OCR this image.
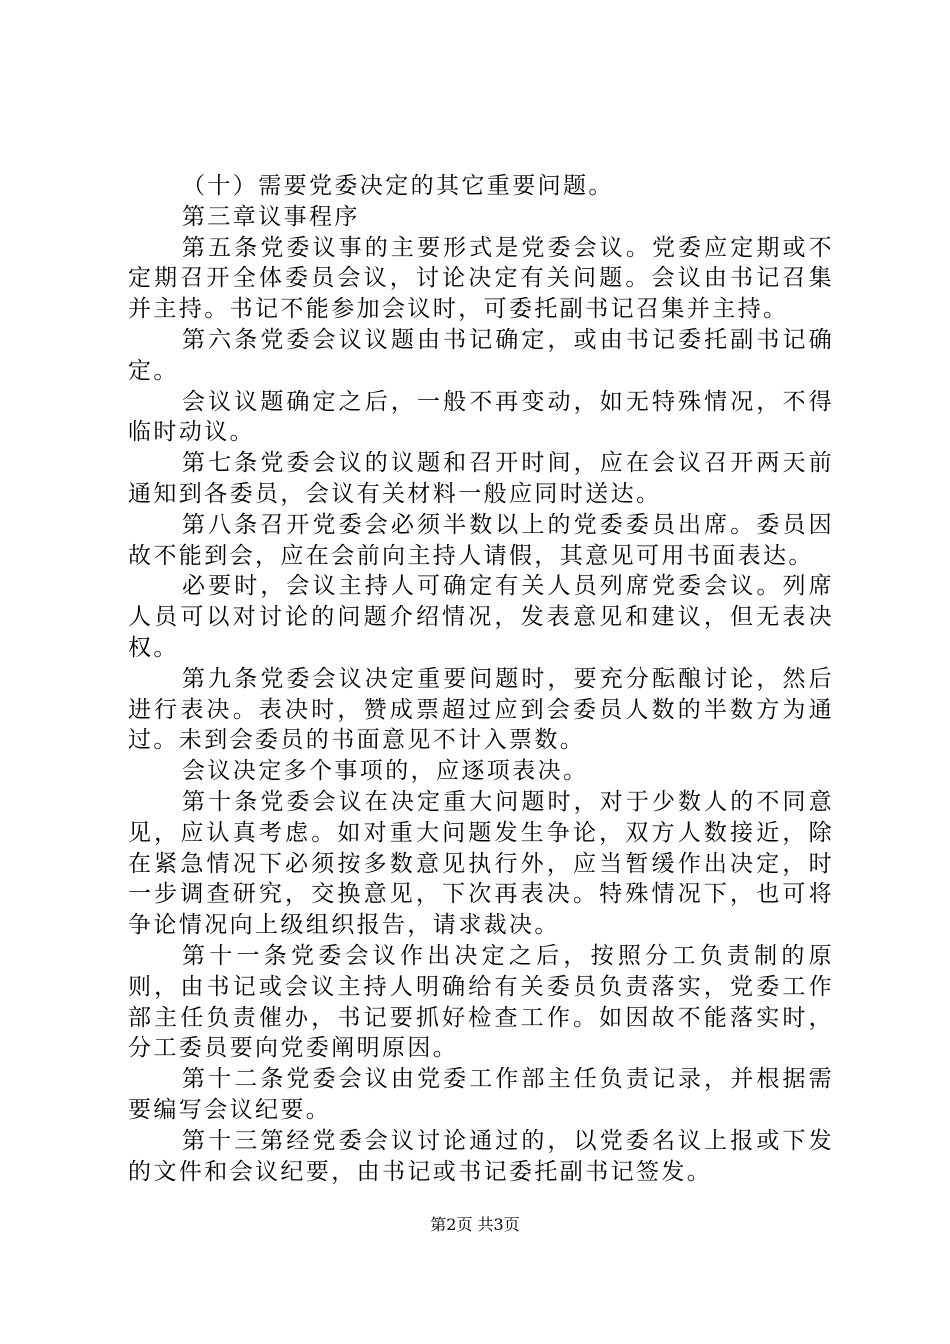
（十）需要党委决定的其它重要问题。

第三章议事程序

第五条党委议事的主要形式是党委会议。党委应定期或不定期召开全体委员会议，讨论决定有关问题。会议由书记召集并主持。书记不能参加会议时，可委托副书记召集并主持。

第六条党委会议议题由书记确定，或由书记委托副书记确定。

会议议题确定之后，一般不再变动，如无特殊情况，不得临时动议。

第七条党委会议的议题和召开时间，应在会议召开两天前通知到各委员，会议有关材料一般应同时送达。

第八条召开党委会必须半数以上的党委委员出席。委员因故不能到会，应在会前向主持人请假，其意见可用书面表达。

必要时，会议主持人可确定有关人员列席党委会议。列席人员可以对讨论的问题介绍情况，发表意见和建议，但无表决权。

第九条党委会议决定重要问题时，要充分酝酿讨论，然后进行表决。表决时，赞成票超过应到会委员人数的半数方为通过。未到会委员的书面意见不计入票数。

会议决定多个事项的，应逐项表决。

第十条党委会议在决定重大问题时，对于少数人的不同意见，应认真考虑。如对重大问题发生争论，双方人数接近，除在紧急情况下必须按多数意见执行外，应当暂缓作出决定，时一步调查研究，交换意见，下次再表决。特殊情况下，也可将争论情况向上级组织报告，请求裁决。

第十一条党委会议作出决定之后，按照分工负责制的原则，由书记或会议主持人明确给有关委员负责落实，党委工作部主任负责催办，书记要抓好检查工作。如因故不能落实时，分工委员要向党委阐明原因。

第十二条党委会议由党委工作部主任负责记录，并根据需要编写会议纪要。

第十三第经党委会议讨论通过的，以党委名议上报或下发的文件和会议纪要，由书记或书记委托副书记签发。

第2页 共3页
